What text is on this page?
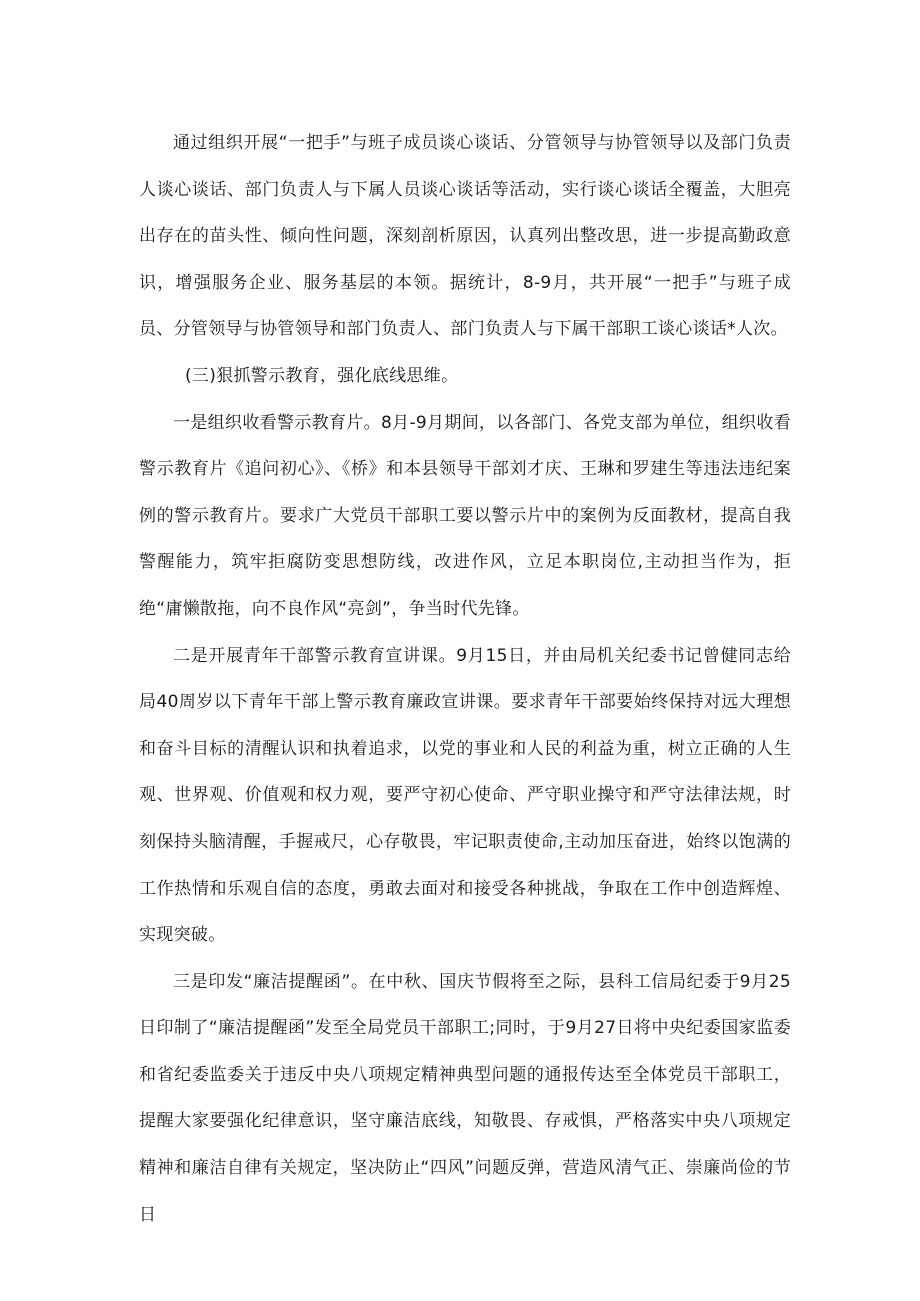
通过组织开展“一把手”与班子成员谈心谈话、分管领导与协管领导以及部门负责人谈心谈话、部门负责人与下属人员谈心谈话等活动，实行谈心谈话全覆盖，大胆亮出存在的苗头性、倾向性问题，深刻剖析原因，认真列出整改思，进一步提高勤政意识，增强服务企业、服务基层的本领。据统计，8-9月，共开展“一把手”与班子成员、分管领导与协管领导和部门负责人、部门负责人与下属干部职工谈心谈话*人次。

(三)狠抓警示教育，强化底线思维。

一是组织收看警示教育片。8月-9月期间，以各部门、各党支部为单位，组织收看警示教育片《追问初心》、《桥》和本县领导干部刘才庆、王琳和罗建生等违法违纪案例的警示教育片。要求广大党员干部职工要以警示片中的案例为反面教材，提高自我警醒能力，筑牢拒腐防变思想防线，改进作风，立足本职岗位,主动担当作为，拒绝“庸懒散拖，向不良作风“亮剑”，争当时代先锋。

二是开展青年干部警示教育宣讲课。9月15日，并由局机关纪委书记曾健同志给局40周岁以下青年干部上警示教育廉政宣讲课。要求青年干部要始终保持对远大理想和奋斗目标的清醒认识和执着追求，以党的事业和人民的利益为重，树立正确的人生观、世界观、价值观和权力观，要严守初心使命、严守职业操守和严守法律法规，时刻保持头脑清醒，手握戒尺，心存敬畏，牢记职责使命,主动加压奋进，始终以饱满的工作热情和乐观自信的态度，勇敢去面对和接受各种挑战，争取在工作中创造辉煌、实现突破。

三是印发“廉洁提醒函”。在中秋、国庆节假将至之际，县科工信局纪委于9月25日印制了“廉洁提醒函”发至全局党员干部职工;同时，于9月27日将中央纪委国家监委和省纪委监委关于违反中央八项规定精神典型问题的通报传达至全体党员干部职工，提醒大家要强化纪律意识，坚守廉洁底线，知敬畏、存戒惧，严格落实中央八项规定精神和廉洁自律有关规定，坚决防止“四风”问题反弹，营造风清气正、崇廉尚俭的节日
